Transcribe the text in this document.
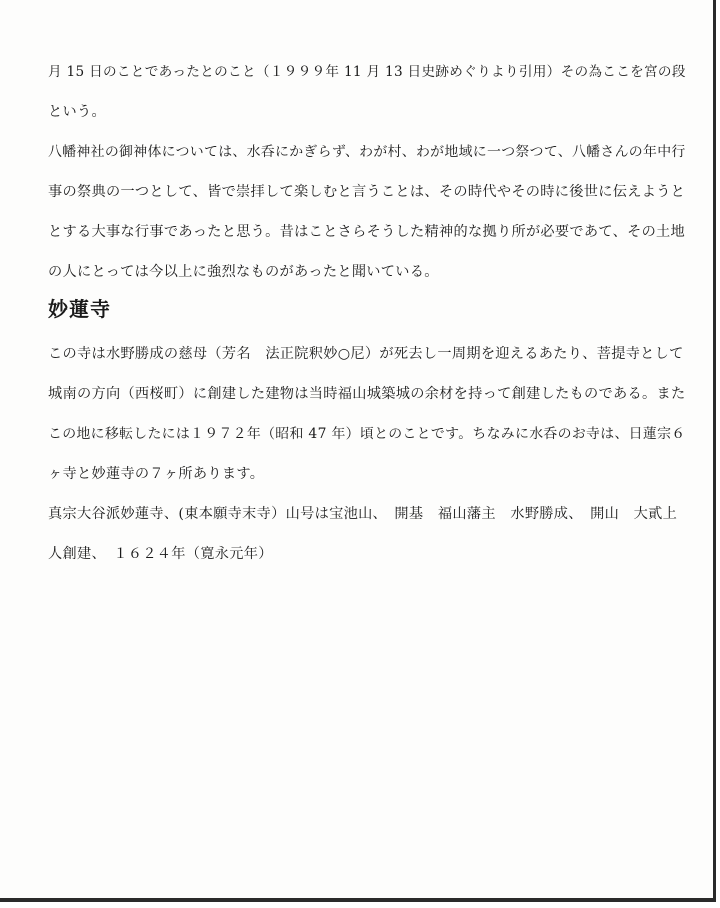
月 15 日のことであったとのこと（１９９９年 11 月 13 日史跡めぐりより引用）その為ここを宮の段
という。

八幡神社の御神体については、水呑にかぎらず、わが村、わが地域に一つ祭つて、八幡さんの年中行
事の祭典の一つとして、皆で崇拝して楽しむと言うことは、その時代やその時に後世に伝えようと
とする大事な行事であったと思う。昔はことさらそうした精神的な拠り所が必要であて、その土地
の人にとっては今以上に強烈なものがあったと聞いている。

妙蓮寺

この寺は水野勝成の慈母（芳名　法正院釈妙○尼）が死去し一周期を迎えるあたり、菩提寺として
城南の方向（西桜町）に創建した建物は当時福山城築城の余材を持って創建したものである。また
この地に移転したには１９７２年（昭和 47 年）頃とのことです。ちなみに水呑のお寺は、日蓮宗６
ヶ寺と妙蓮寺の７ヶ所あります。

真宗大谷派妙蓮寺、(東本願寺末寺）山号は宝池山、　開基　福山藩主　水野勝成、　開山　大貳上
人創建、　１６２４年（寛永元年）
